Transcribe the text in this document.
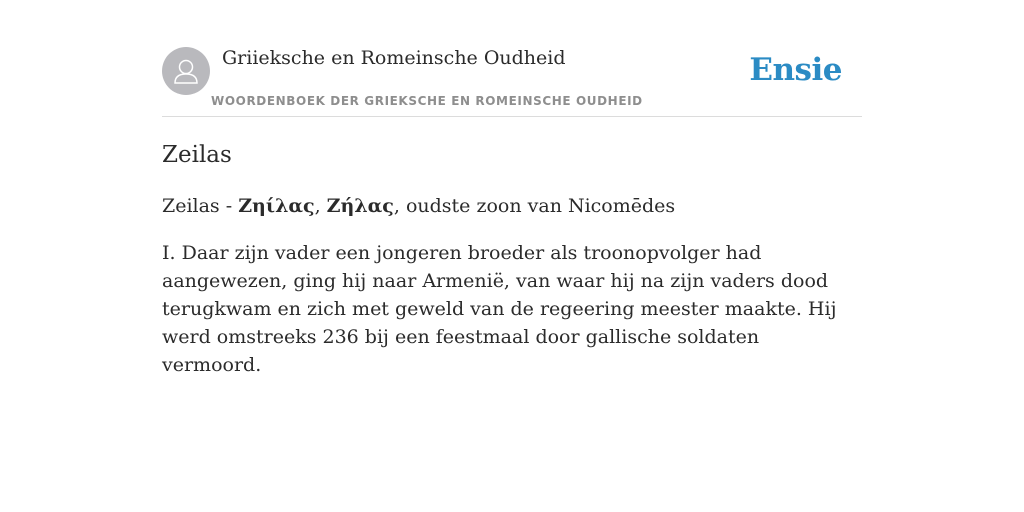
Griieksche en Romeinsche Oudheid
WOORDENBOEK DER GRIEKSCHE EN ROMEINSCHE OUDHEID
Ensie
Zeilas

Zeilas - Ζηίλας, Ζήλας, oudste zoon van Nicomēdes

I. Daar zijn vader een jongeren broeder als troonopvolger had aangewezen, ging hij naar Armenië, van waar hij na zijn vaders dood terugkwam en zich met geweld van de regeering meester maakte. Hij werd omstreeks 236 bij een feestmaal door gallische soldaten vermoord.
